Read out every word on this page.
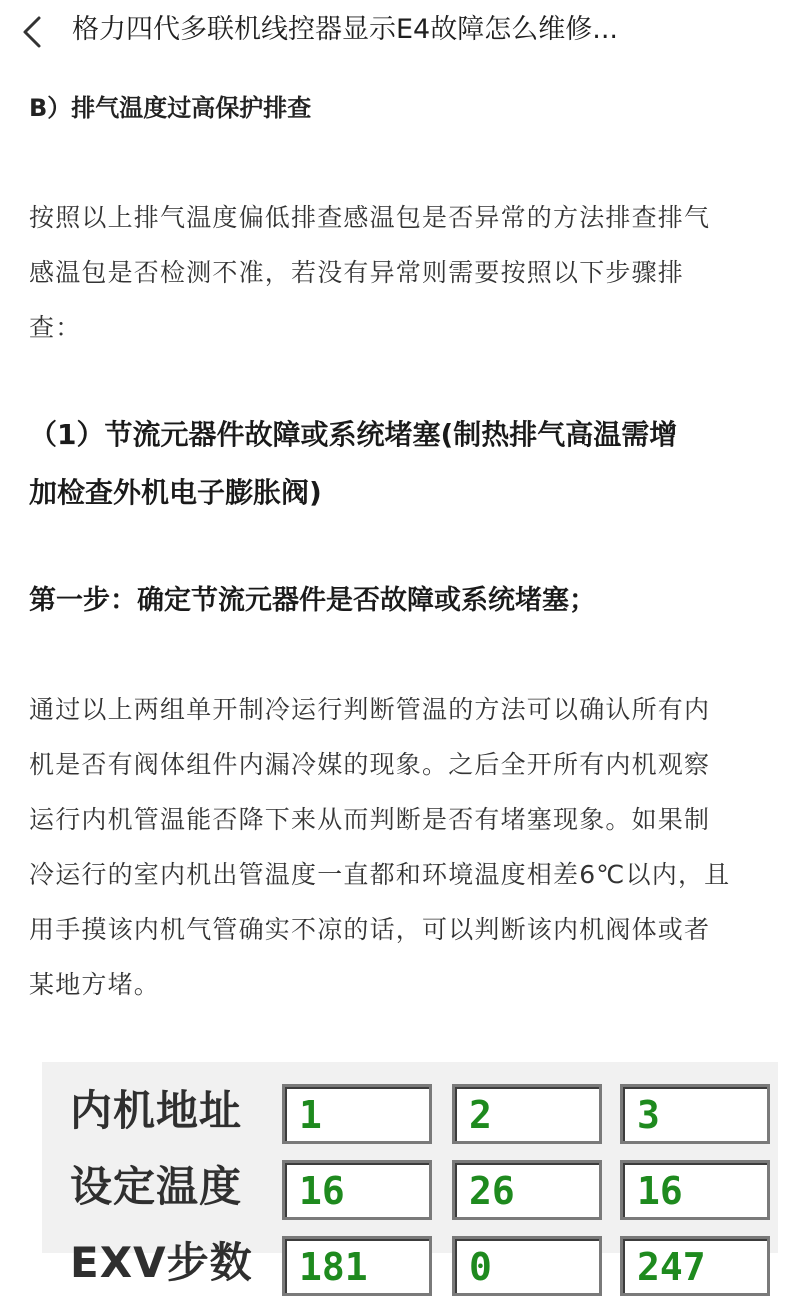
B）排气温度过高保护排查
按照以上排气温度偏低排查感温包是否异常的方法排查排气
感温包是否检测不准，若没有异常则需要按照以下步骤排
查：
（1）节流元器件故障或系统堵塞(制热排气高温需增
加检查外机电子膨胀阀)
第一步：确定节流元器件是否故障或系统堵塞；
通过以上两组单开制冷运行判断管温的方法可以确认所有内
机是否有阀体组件内漏冷媒的现象。之后全开所有内机观察
运行内机管温能否降下来从而判断是否有堵塞现象。如果制
冷运行的室内机出管温度一直都和环境温度相差6℃以内，且
用手摸该内机气管确实不凉的话，可以判断该内机阀体或者
某地方堵。
内机地址 1	2	3
设定温度 16	26	16
EXV步数 181	0	247
格力四代多联机线控器显示E4故障怎么维修...
